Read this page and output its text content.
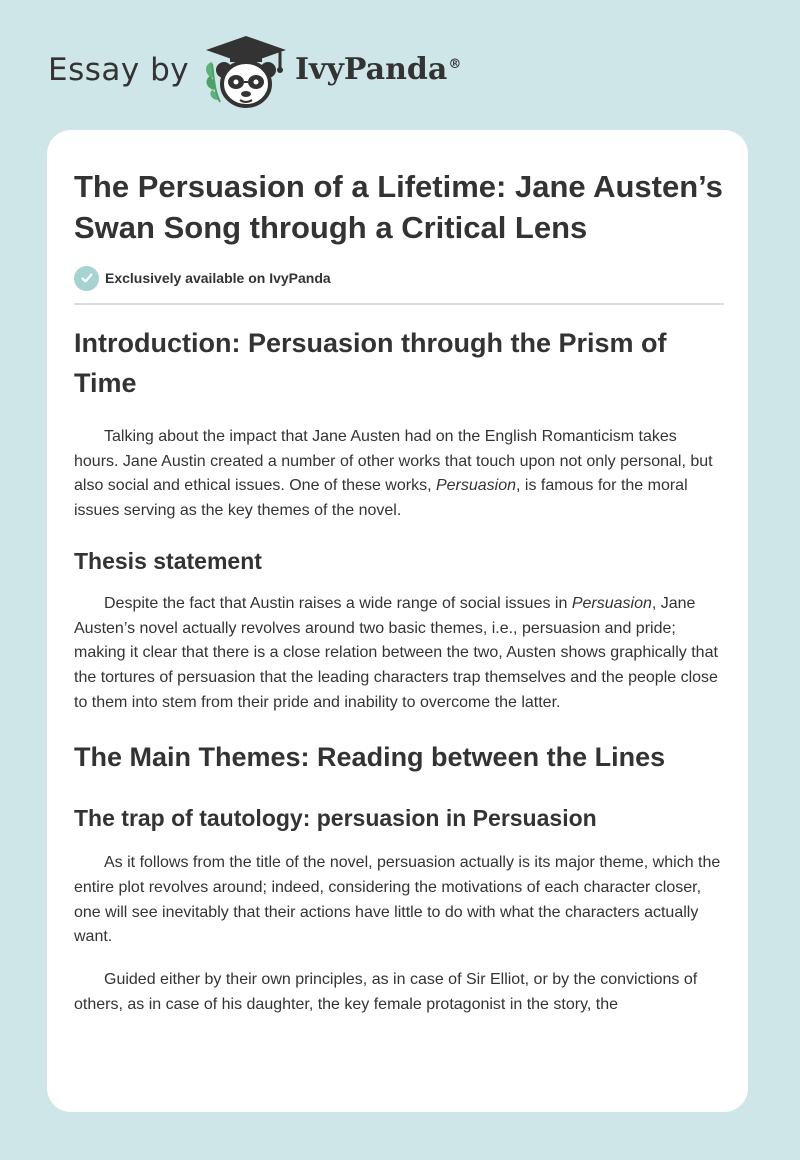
Essay by	IvyPanda®
The Persuasion of a Lifetime: Jane Austen’s Swan Song through a Critical Lens
Exclusively available on IvyPanda
Introduction: Persuasion through the Prism of Time

Talking about the impact that Jane Austen had on the English Romanticism takes hours. Jane Austin created a number of other works that touch upon not only personal, but also social and ethical issues. One of these works, Persuasion, is famous for the moral issues serving as the key themes of the novel.

Thesis statement

Despite the fact that Austin raises a wide range of social issues in Persuasion, Jane Austen’s novel actually revolves around two basic themes, i.e., persuasion and pride; making it clear that there is a close relation between the two, Austen shows graphically that the tortures of persuasion that the leading characters trap themselves and the people close to them into stem from their pride and inability to overcome the latter.

The Main Themes: Reading between the Lines
The trap of tautology: persuasion in Persuasion

As it follows from the title of the novel, persuasion actually is its major theme, which the entire plot revolves around; indeed, considering the motivations of each character closer, one will see inevitably that their actions have little to do with what the characters actually want.

Guided either by their own principles, as in case of Sir Elliot, or by the convictions of others, as in case of his daughter, the key female protagonist in the story, the
